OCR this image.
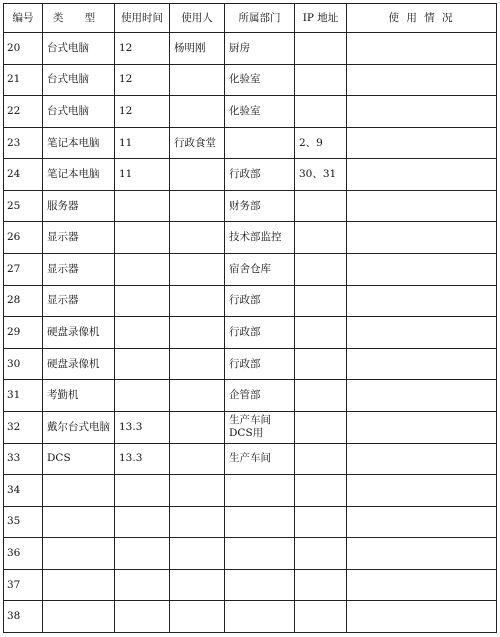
编号	类 型	使用时间	使用人	所属部门	IP 地址	使 用 情 况
20	台式电脑	12	杨明刚	厨房		
21	台式电脑	12		化验室		
22	台式电脑	12		化验室		
23	笔记本电脑	11	行政食堂		2、9	
24	笔记本电脑	11		行政部	30、31	
25	服务器			财务部		
26	显示器			技术部监控		
27	显示器			宿舍仓库		
28	显示器			行政部		
29	硬盘录像机			行政部		
30	硬盘录像机			行政部		
31	考勤机			企管部		
32	戴尔台式电脑	13.3		生产车间DCS用		
33	DCS	13.3		生产车间		
34						
35						
36						
37						
38						
